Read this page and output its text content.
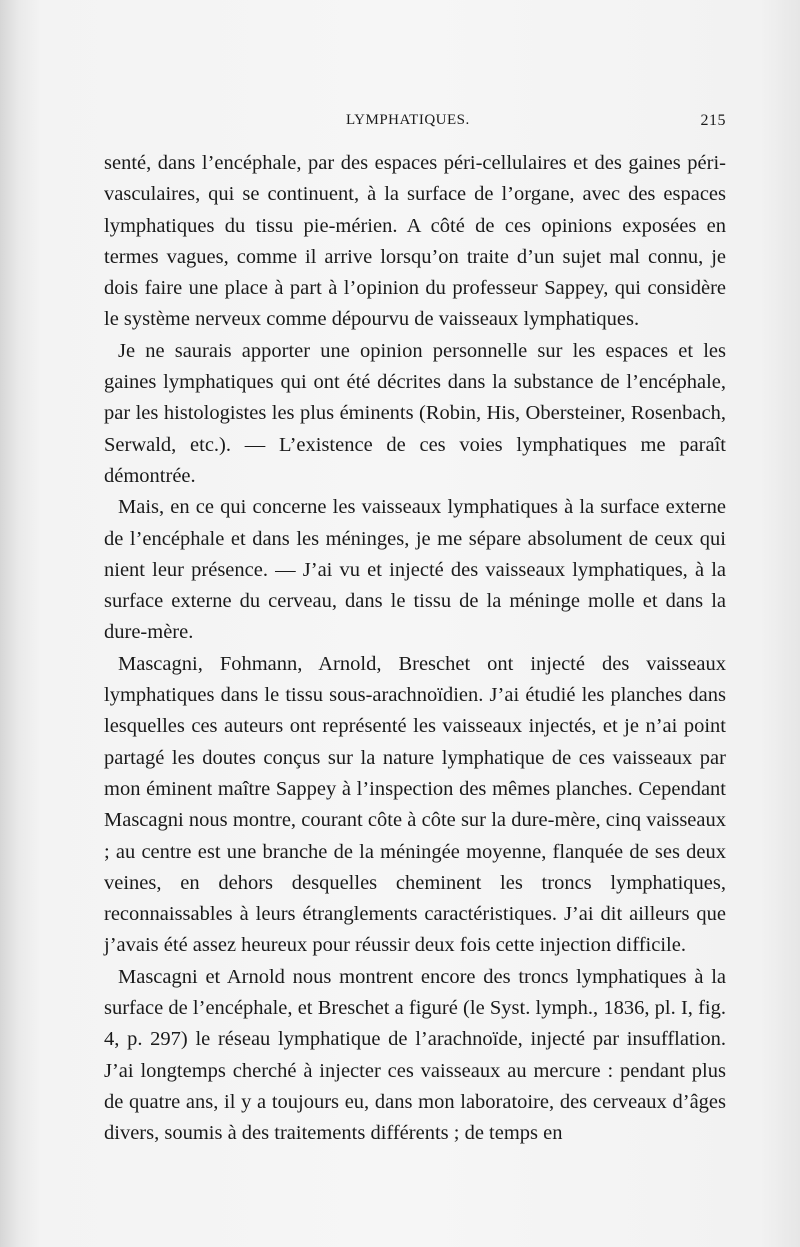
LYMPHATIQUES.	215

senté, dans l’encéphale, par des espaces péri-cellulaires et des gaines péri-vasculaires, qui se continuent, à la surface de l’organe, avec des espaces lymphatiques du tissu pie-mérien. A côté de ces opinions exposées en termes vagues, comme il arrive lorsqu’on traite d’un sujet mal connu, je dois faire une place à part à l’opinion du professeur Sappey, qui considère le système nerveux comme dépourvu de vaisseaux lymphatiques.

Je ne saurais apporter une opinion personnelle sur les espaces et les gaines lymphatiques qui ont été décrites dans la substance de l’encéphale, par les histologistes les plus éminents (Robin, His, Obersteiner, Rosenbach, Serwald, etc.). — L’existence de ces voies lymphatiques me paraît démontrée.

Mais, en ce qui concerne les vaisseaux lymphatiques à la surface externe de l’encéphale et dans les méninges, je me sépare absolument de ceux qui nient leur présence. — J’ai vu et injecté des vaisseaux lymphatiques, à la surface externe du cerveau, dans le tissu de la méninge molle et dans la dure-mère.

Mascagni, Fohmann, Arnold, Breschet ont injecté des vaisseaux lymphatiques dans le tissu sous-arachnoïdien. J’ai étudié les planches dans lesquelles ces auteurs ont représenté les vaisseaux injectés, et je n’ai point partagé les doutes conçus sur la nature lymphatique de ces vaisseaux par mon éminent maître Sappey à l’inspection des mêmes planches. Cependant Mascagni nous montre, courant côte à côte sur la dure-mère, cinq vaisseaux ; au centre est une branche de la méningée moyenne, flanquée de ses deux veines, en dehors desquelles cheminent les troncs lymphatiques, reconnaissables à leurs étranglements caractéristiques. J’ai dit ailleurs que j’avais été assez heureux pour réussir deux fois cette injection difficile.

Mascagni et Arnold nous montrent encore des troncs lymphatiques à la surface de l’encéphale, et Breschet a figuré (le Syst. lymph., 1836, pl. I, fig. 4, p. 297) le réseau lymphatique de l’arachnoïde, injecté par insufflation. J’ai longtemps cherché à injecter ces vaisseaux au mercure : pendant plus de quatre ans, il y a toujours eu, dans mon laboratoire, des cerveaux d’âges divers, soumis à des traitements différents ; de temps en
